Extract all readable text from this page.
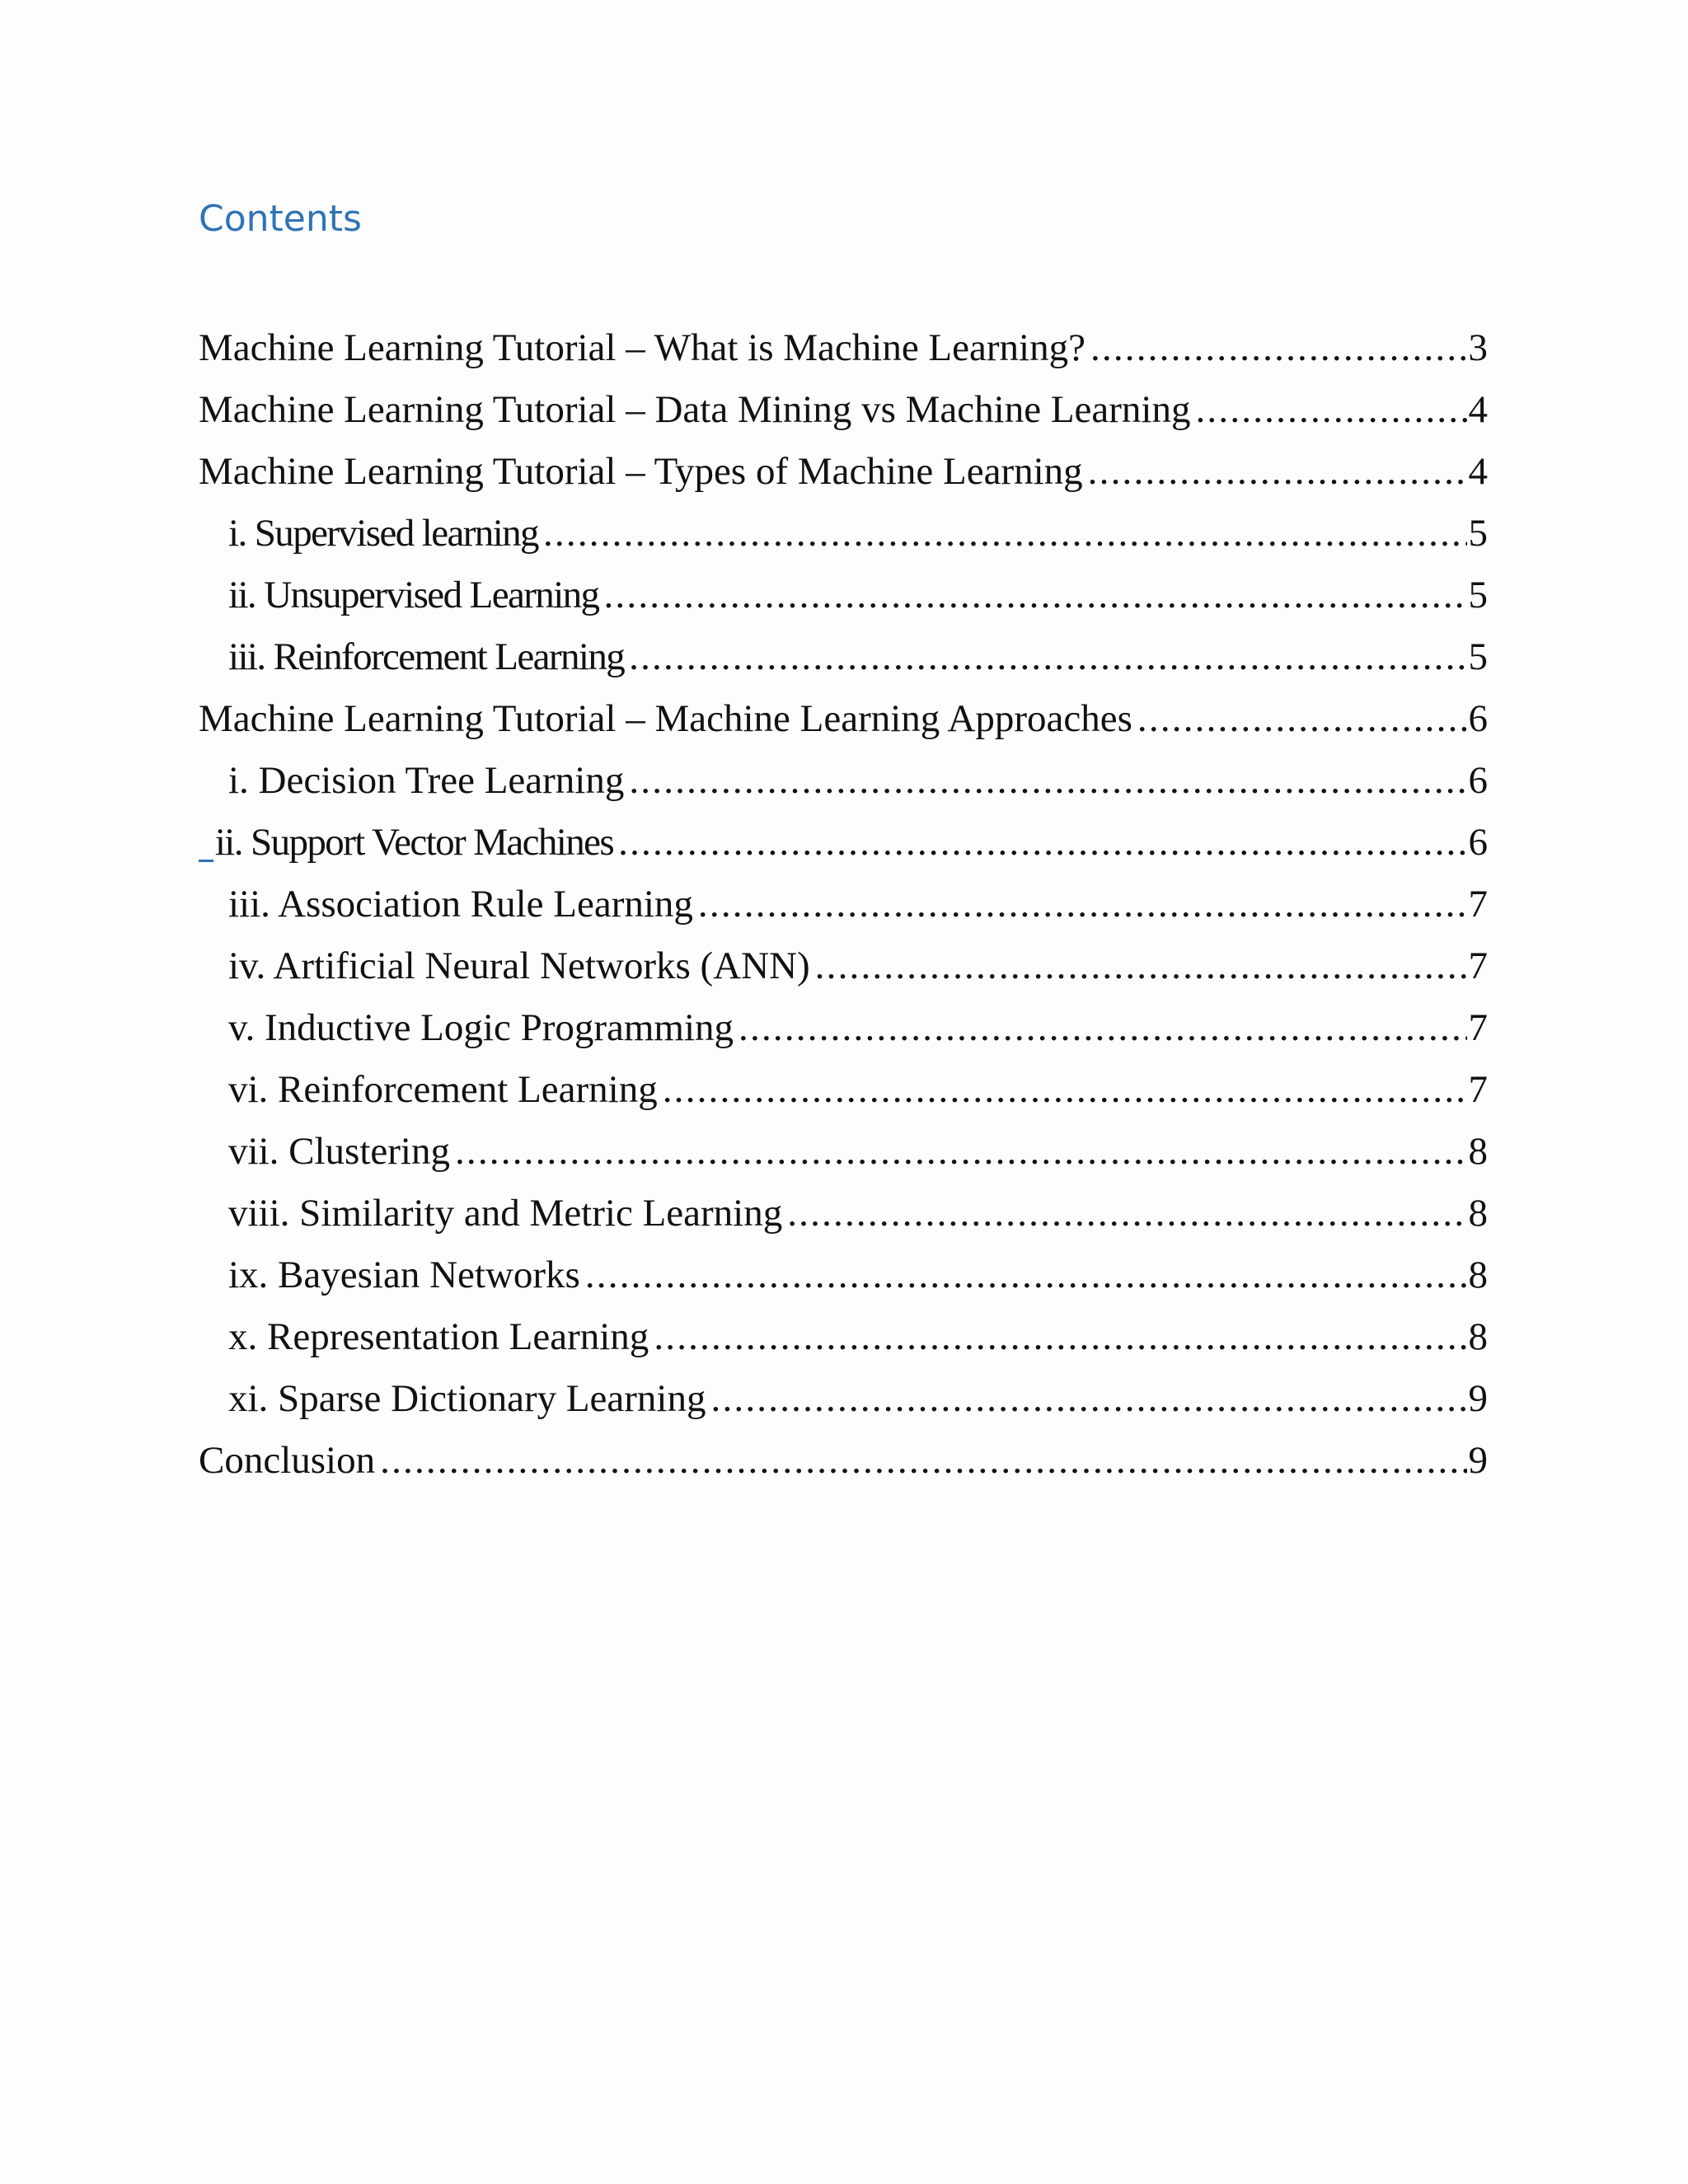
Contents
Machine Learning Tutorial – What is Machine Learning? .....	3
Machine Learning Tutorial – Data Mining vs Machine Learning .....	4
Machine Learning Tutorial – Types of Machine Learning .....	4
i. Supervised learning .....	5
ii. Unsupervised Learning .....	5
iii. Reinforcement Learning .....	5
Machine Learning Tutorial – Machine Learning Approaches .....	6
i. Decision Tree Learning .....	6
ii. Support Vector Machines .....	6
iii. Association Rule Learning .....	7
iv. Artificial Neural Networks (ANN) .....	7
v. Inductive Logic Programming .....	7
vi. Reinforcement Learning .....	7
vii. Clustering .....	8
viii. Similarity and Metric Learning .....	8
ix. Bayesian Networks .....	8
x. Representation Learning .....	8
xi. Sparse Dictionary Learning .....	9
Conclusion .....	9
